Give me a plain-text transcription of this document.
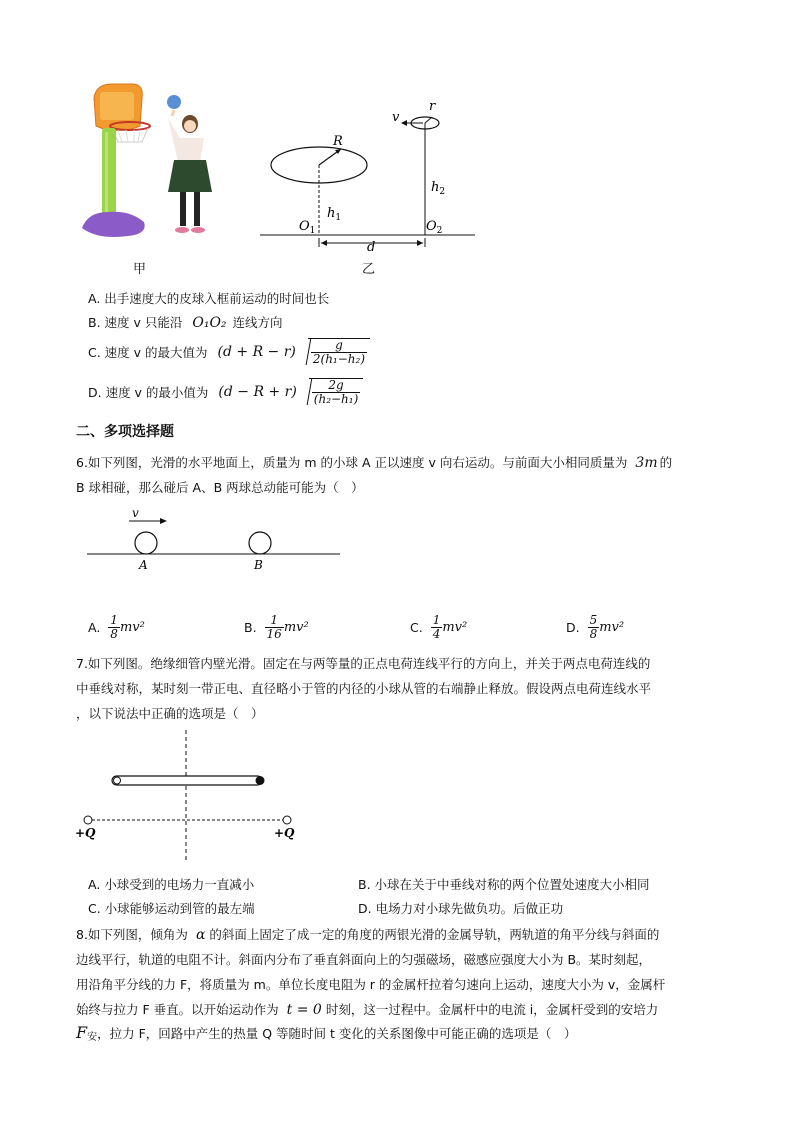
甲
R
r
v
$h_1$
$h_2$
$O_1$	$O_2$
d
乙
A. 出手速度大的皮球入框前运动的时间也长
B. 速度 v 只能沿 O₁O₂ 连线方向
C. 速度 v 的最大值为 $(d + R - r) \frac{g}{\text{2(h₁−h₂)}}$
D. 速度 v 的最小值为 $(d - R + r) \frac{2g}{\text{(h₂−h₁)}}$
二、多项选择题
6.如下列图，光滑的水平地面上，质量为 m 的小球 A 正以速度 v 向右运动。与前面大小相同质量为 3m 的
B 球相碰，那么碰后 A、B 两球总动能可能为（　）
v
A	B
A. $\frac{1}{8} mv^2$	B. $\frac{1}{16} mv^2$	C. $\frac{1}{4} mv^2$	D. $\frac{5}{8} mv^2$
7.如下列图。绝缘细管内壁光滑。固定在与两等量的正点电荷连线平行的方向上，并关于两点电荷连线的
中垂线对称，某时刻一带正电、直径略小于管的内径的小球从管的右端静止释放。假设两点电荷连线水平
，以下说法中正确的选项是（　）
+Q	+Q
A. 小球受到的电场力一直减小	B. 小球在关于中垂线对称的两个位置处速度大小相同
C. 小球能够运动到管的最左端	D. 电场力对小球先做负功。后做正功
8.如下列图，倾角为 α 的斜面上固定了成一定的角度的两银光滑的金属导轨，两轨道的角平分线与斜面的
边线平行，轨道的电阻不计。斜面内分布了垂直斜面向上的匀强磁场，磁感应强度大小为 B。某时刻起，
用沿角平分线的力 F，将质量为 m。单位长度电阻为 r 的金属杆拉着匀速向上运动，速度大小为 v，金属杆
始终与拉力 F 垂直。以开始运动作为 t = 0 时刻，这一过程中。金属杆中的电流 i，金属杆受到的安培力
F安，拉力 F，回路中产生的热量 Q 等随时间 t 变化的关系图像中可能正确的选项是（　）
